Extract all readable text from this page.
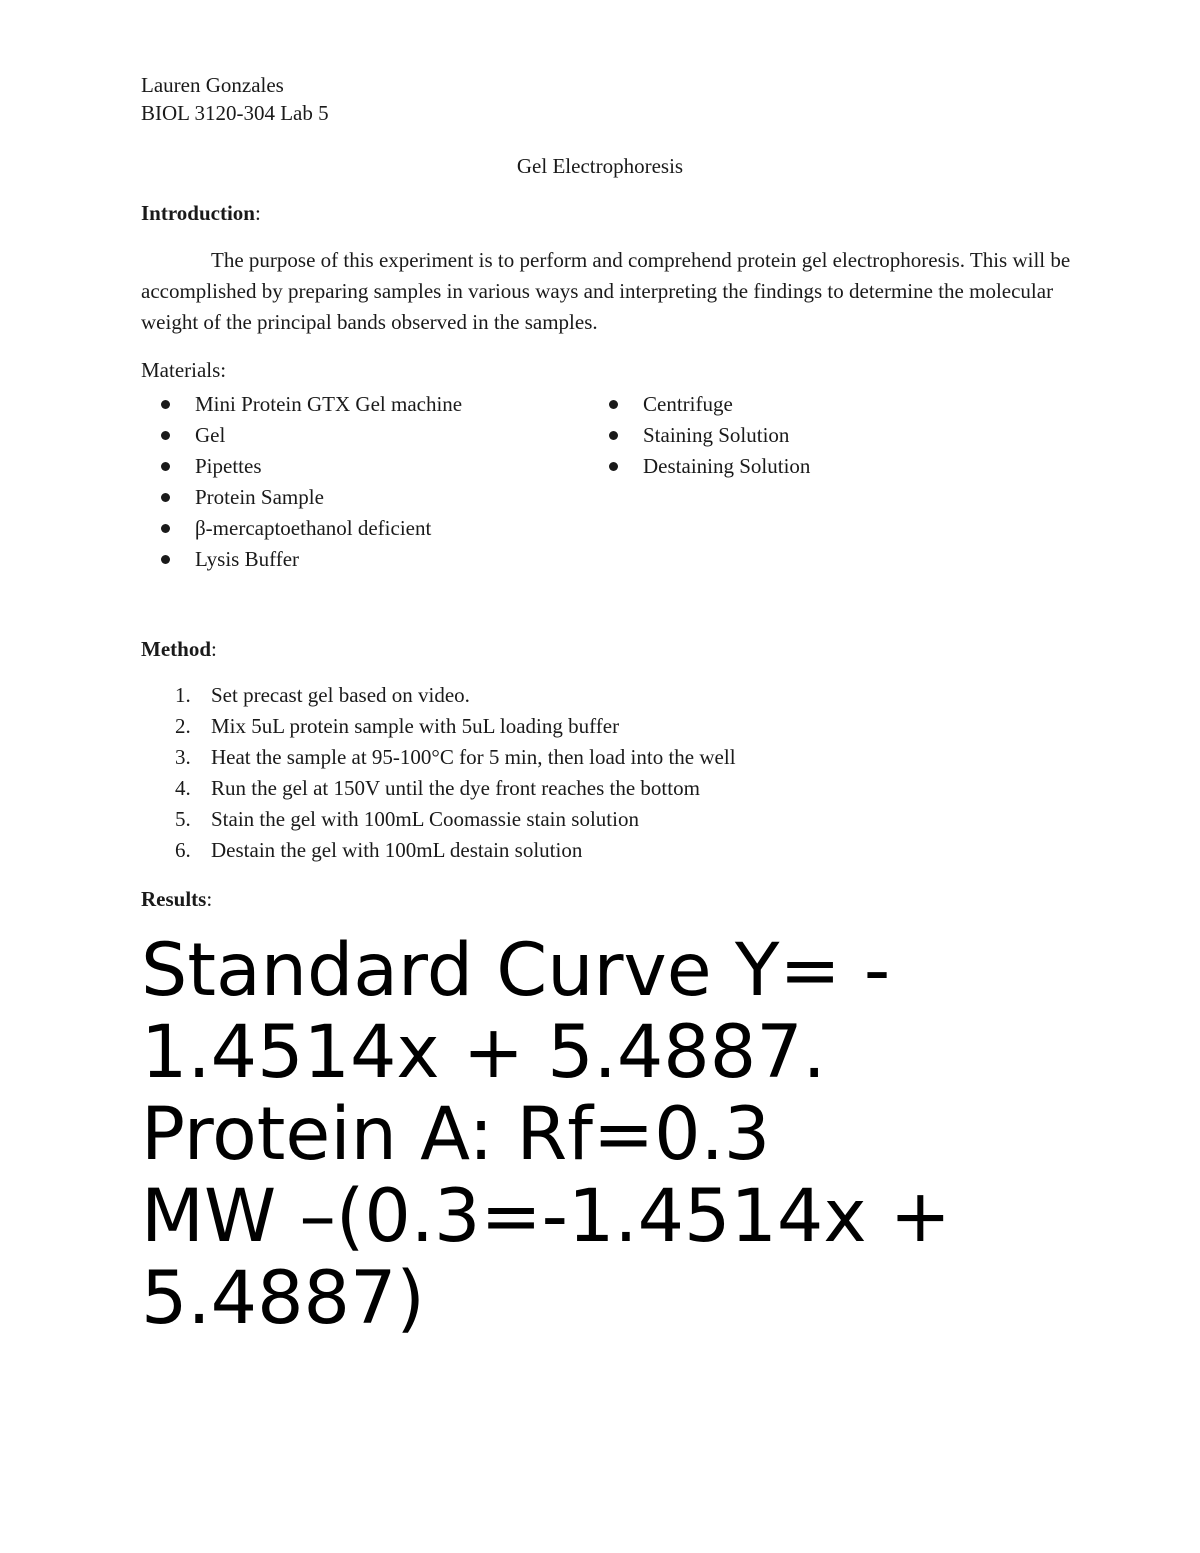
Lauren Gonzales
BIOL 3120-304 Lab 5
Gel Electrophoresis
Introduction:
The purpose of this experiment is to perform and comprehend protein gel electrophoresis. This will be accomplished by preparing samples in various ways and interpreting the findings to determine the molecular weight of the principal bands observed in the samples.
Materials:
Mini Protein GTX Gel machine
Gel
Pipettes
Protein Sample
β-mercaptoethanol deficient
Lysis Buffer
Centrifuge
Staining Solution
Destaining Solution
Method:
1. Set precast gel based on video.
2. Mix 5uL protein sample with 5uL loading buffer
3. Heat the sample at 95-100°C for 5 min, then load into the well
4. Run the gel at 150V until the dye front reaches the bottom
5. Stain the gel with 100mL Coomassie stain solution
6. Destain the gel with 100mL destain solution
Results:
Standard Curve Y= -
1.4514x + 5.4887.
Protein A: Rf=0.3
MW –(0.3=-1.4514x +
5.4887)
